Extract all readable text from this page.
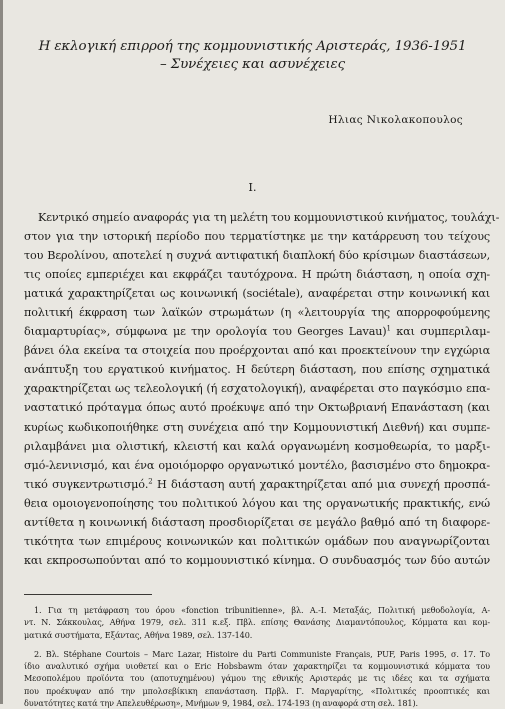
Η εκλογική επιρροή της κομμουνιστικής Αριστεράς, 1936-1951
– Συνέχειες και ασυνέχειες
Ηλιας Νικολακοπουλος
I.
Κεντρικό σημείο αναφοράς για τη μελέτη του κομμουνιστικού κινήματος, τουλάχι-
στον για την ιστορική περίοδο που τερματίστηκε με την κατάρρευση του τείχους
του Βερολίνου, αποτελεί η συχνά αντιφατική διαπλοκή δύο κρίσιμων διαστάσεων,
τις οποίες εμπεριέχει και εκφράζει ταυτόχρονα. Η πρώτη διάσταση, η οποία σχη-
ματικά χαρακτηρίζεται ως κοινωνική (sociétale), αναφέρεται στην κοινωνική και
πολιτική έκφραση των λαϊκών στρωμάτων (η «λειτουργία της απορροφούμενης
διαμαρτυρίας», σύμφωνα με την ορολογία του Georges Lavau)$^1$ και συμπεριλαμ-
βάνει όλα εκείνα τα στοιχεία που προέρχονται από και προεκτείνουν την εγχώρια
ανάπτυξη του εργατικού κινήματος. Η δεύτερη διάσταση, που επίσης σχηματικά
χαρακτηρίζεται ως τελεολογική (ή εσχατολογική), αναφέρεται στο παγκόσμιο επα-
ναστατικό πρόταγμα όπως αυτό προέκυψε από την Οκτωβριανή Επανάσταση (και
κυρίως κωδικοποιήθηκε στη συνέχεια από την Κομμουνιστική Διεθνή) και συμπε-
ριλαμβάνει μια ολιστική, κλειστή και καλά οργανωμένη κοσμοθεωρία, το μαρξι-
σμό-λενινισμό, και ένα ομοιόμορφο οργανωτικό μοντέλο, βασισμένο στο δημοκρα-
τικό συγκεντρωτισμό.$^2$ Η διάσταση αυτή χαρακτηρίζεται από μια συνεχή προσπά-
θεια ομοιογενοποίησης του πολιτικού λόγου και της οργανωτικής πρακτικής, ενώ
αντίθετα η κοινωνική διάσταση προσδιορίζεται σε μεγάλο βαθμό από τη διαφορε-
τικότητα των επιμέρους κοινωνικών και πολιτικών ομάδων που αναγνωρίζονται
και εκπροσωπούνται από το κομμουνιστικό κίνημα. Ο συνδυασμός των δύο αυτών
1. Για τη μετάφραση του όρου «fonction tribunitienne», βλ. Α.-Ι. Μεταξάς, Πολιτική μεθοδολογία, Α-
ντ. Ν. Σάκκουλας, Αθήνα 1979, σελ. 311 κ.εξ. Πβλ. επίσης Θανάσης Διαμαντόπουλος, Κόμματα και κομ-
ματικά συστήματα, Εξάντας, Αθήνα 1989, σελ. 137-140.
2. Βλ. Stéphane Courtois – Marc Lazar, Histoire du Parti Communiste Français, PUF, Paris 1995, σ. 17. Το
ίδιο αναλυτικό σχήμα υιοθετεί και ο Eric Hobsbawm όταν χαρακτηρίζει τα κομμουνιστικά κόμματα του
Μεσοπολέμου προϊόντα του (αποτυχημένου) γάμου της εθνικής Αριστεράς με τις ιδέες και τα σχήματα
που προέκυψαν από την μπολσεβίκικη επανάσταση. Πρβλ. Γ. Μαργαρίτης, «Πολιτικές προοπτικές και
δυνατότητες κατά την Απελευθέρωση», Μνήμων 9, 1984, σελ. 174-193 (η αναφορά στη σελ. 181).
